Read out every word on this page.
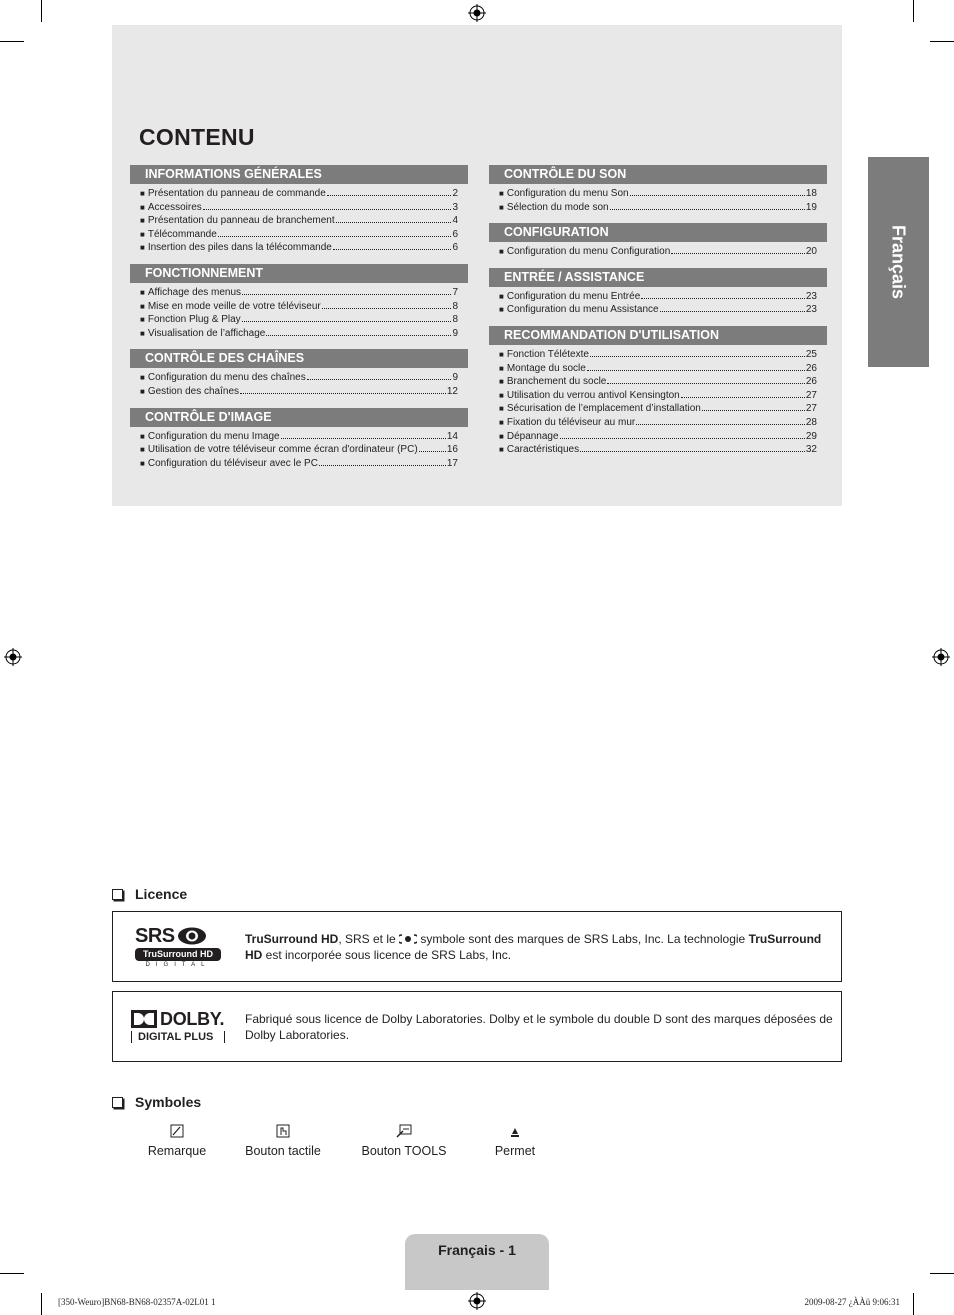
CONTENU
INFORMATIONS GÉNÉRALES
■ Présentation du panneau de commande	2
■ Accessoires	3
■ Présentation du panneau de branchement	4
■ Télécommande	6
■ Insertion des piles dans la télécommande	6
FONCTIONNEMENT
■ Affichage des menus	7
■ Mise en mode veille de votre téléviseur	8
■ Fonction Plug & Play	8
■ Visualisation de l’affichage	9
CONTRÔLE DES CHAÎNES
■ Configuration du menu des chaînes	9
■ Gestion des chaînes	12
CONTRÔLE D'IMAGE
■ Configuration du menu Image	14
■ Utilisation de votre téléviseur comme écran d'ordinateur (PC)	16
■ Configuration du téléviseur avec le PC	17
CONTRÔLE DU SON
■ Configuration du menu Son	18
■ Sélection du mode son	19
CONFIGURATION
■ Configuration du menu Configuration	20
ENTRÉE / ASSISTANCE
■ Configuration du menu Entrée	23
■ Configuration du menu Assistance	23
RECOMMANDATION D'UTILISATION
■ Fonction Télétexte	25
■ Montage du socle	26
■ Branchement du socle	26
■ Utilisation du verrou antivol Kensington	27
■ Sécurisation de l’emplacement d’installation	27
■ Fixation du téléviseur au mur	28
■ Dépannage	29
■ Caractéristiques	32
Français
Licence
SRS
TruSurround HD
DIGITAL
TruSurround HD, SRS et le  symbole sont des marques de SRS Labs, Inc. La technologie TruSurround HD est incorporée sous licence de SRS Labs, Inc.
DOLBY.
DIGITAL PLUS
Fabriqué sous licence de Dolby Laboratories. Dolby et le symbole du double D sont des marques déposées de Dolby Laboratories.
Symboles
Remarque	Bouton tactile	Bouton TOOLS	Permet
Français - 1
[350-Weuro]BN68-BN68-02357A-02L01 1	2009-08-27 ¿ÀÀü 9:06:31
